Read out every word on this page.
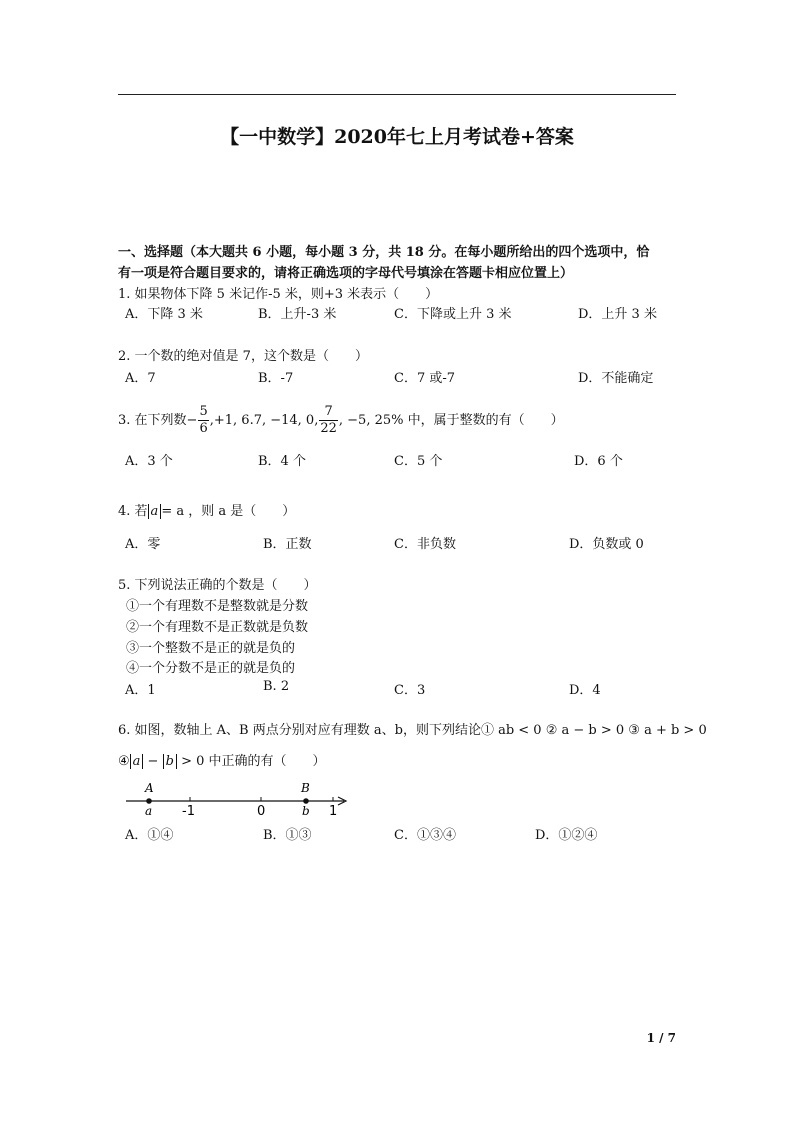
【一中数学】2020年七上月考试卷+答案
一、选择题（本大题共 6 小题，每小题 3 分，共 18 分。在每小题所给出的四个选项中，恰
有一项是符合题目要求的，请将正确选项的字母代号填涂在答题卡相应位置上）
1. 如果物体下降 5 米记作-5 米，则+3 米表示（　　）
A．下降 3 米	B．上升-3 米	C．下降或上升 3 米	D．上升 3 米
2. 一个数的绝对值是 7，这个数是（　　）
A．7	B．-7	C．7 或-7	D．不能确定
3. 在下列数− $\frac{5}{6} ,+1$, 6.7, −14, 0, $\frac{7}{22}$ , −5, 25% 中，属于整数的有（　　）
A．3 个	B．4 个	C．5 个	D．6 个
4. 若 a = a ，则 a 是（　　）
A．零	B．正数	C．非负数	D．负数或 0
5. 下列说法正确的个数是（　　）
①一个有理数不是整数就是分数
②一个有理数不是正数就是负数
③一个整数不是正的就是负的
④一个分数不是正的就是负的
A．1	B. 2	C．3	D．4
6. 如图，数轴上 A、B 两点分别对应有理数 a、b，则下列结论① ab < 0 ② a − b > 0 ③ a + b > 0
④ a − b > 0 中正确的有（　　）
A
a
B
b
-1	0	1
A．①④	B．①③	C．①③④	D．①②④
1 / 7
